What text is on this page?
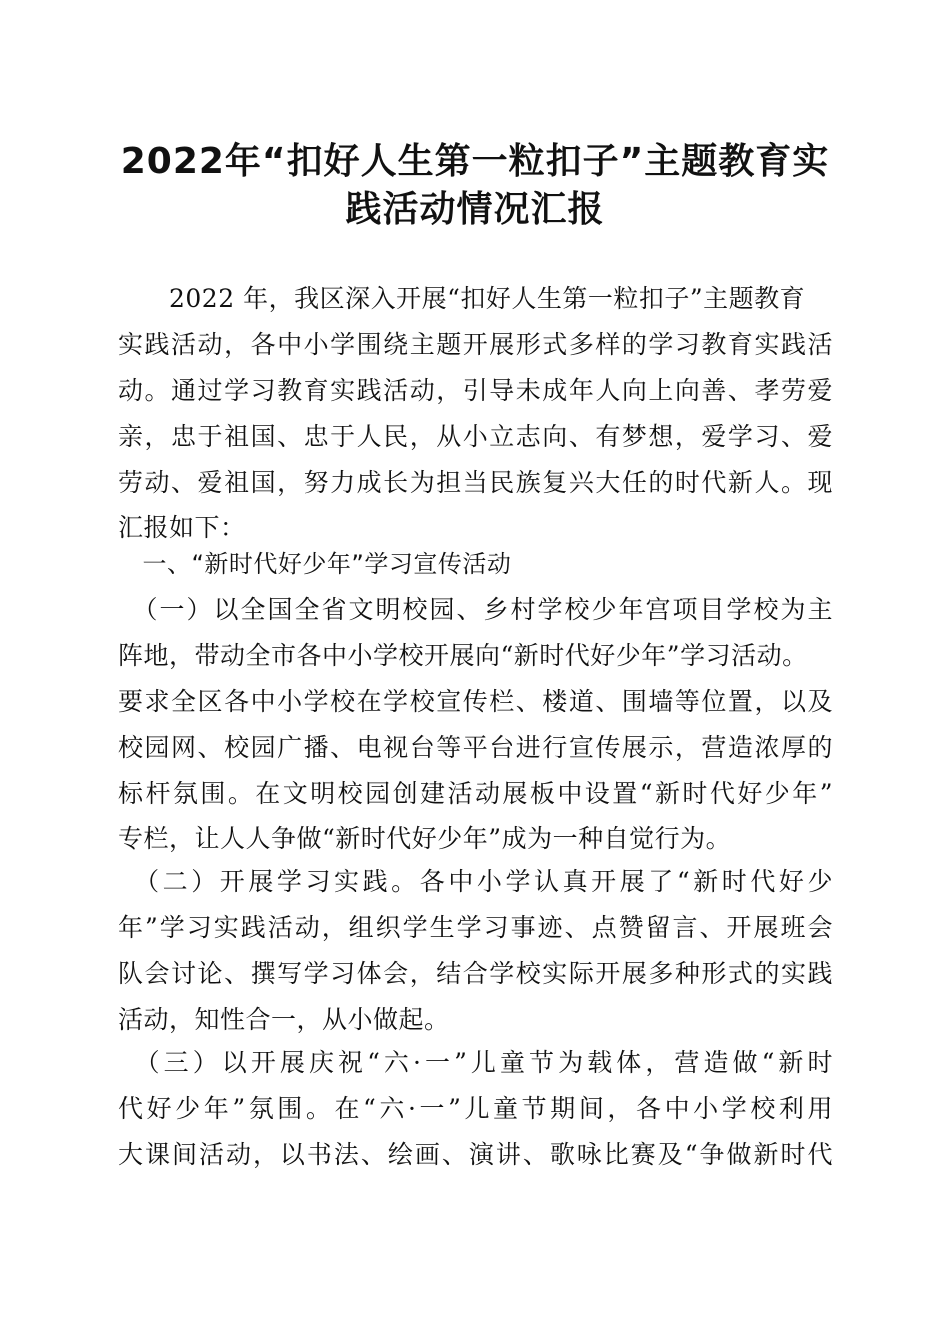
2022年“扣好人生第一粒扣子”主题教育实
践活动情况汇报
　　2022 年，我区深入开展“扣好人生第一粒扣子”主题教育
实践活动，各中小学围绕主题开展形式多样的学习教育实践活
动。通过学习教育实践活动，引导未成年人向上向善、孝劳爱
亲，忠于祖国、忠于人民，从小立志向、有梦想，爱学习、爱
劳动、爱祖国，努力成长为担当民族复兴大任的时代新人。现
汇报如下：
　一、“新时代好少年”学习宣传活动
　（一）以全国全省文明校园、乡村学校少年宫项目学校为主
阵地，带动全市各中小学校开展向“新时代好少年”学习活动。
要求全区各中小学校在学校宣传栏、楼道、围墙等位置，以及
校园网、校园广播、电视台等平台进行宣传展示，营造浓厚的
标杆氛围。在文明校园创建活动展板中设置“新时代好少年”
专栏，让人人争做“新时代好少年”成为一种自觉行为。
　（二）开展学习实践。各中小学认真开展了“新时代好少
年”学习实践活动，组织学生学习事迹、点赞留言、开展班会
队会讨论、撰写学习体会，结合学校实际开展多种形式的实践
活动，知性合一，从小做起。
　（三）以开展庆祝“六·一”儿童节为载体，营造做“新时
代好少年”氛围。在“六·一”儿童节期间，各中小学校利用
大课间活动，以书法、绘画、演讲、歌咏比赛及“争做新时代
